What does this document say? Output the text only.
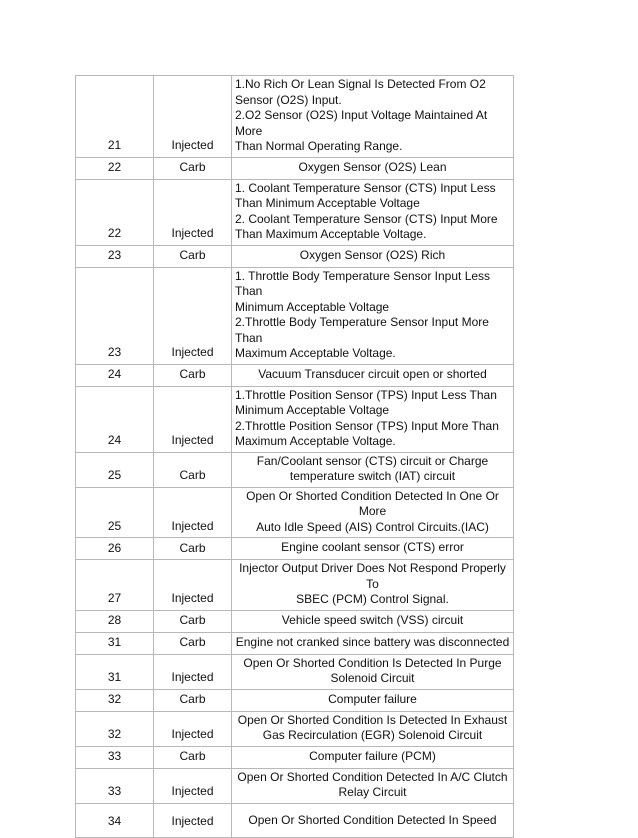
21	Injected	1.No Rich Or Lean Signal Is Detected From O2
Sensor (O2S) Input.
2.O2 Sensor (O2S) Input Voltage Maintained At More
Than Normal Operating Range.

22	Carb	Oxygen Sensor (O2S) Lean

22	Injected	1. Coolant Temperature Sensor (CTS) Input Less
Than Minimum Acceptable Voltage
2. Coolant Temperature Sensor (CTS) Input More
Than Maximum Acceptable Voltage.

23	Carb	Oxygen Sensor (O2S) Rich

23	Injected	1. Throttle Body Temperature Sensor Input Less Than
Minimum Acceptable Voltage
2.Throttle Body Temperature Sensor Input More Than
Maximum Acceptable Voltage.

24	Carb	Vacuum Transducer circuit open or shorted

24	Injected	1.Throttle Position Sensor (TPS) Input Less Than
Minimum Acceptable Voltage
2.Throttle Position Sensor (TPS) Input More Than
Maximum Acceptable Voltage.

25	Carb	Fan/Coolant sensor (CTS) circuit or Charge
temperature switch (IAT) circuit

25	Injected	Open Or Shorted Condition Detected In One Or More
Auto Idle Speed (AIS) Control Circuits.(IAC)

26	Carb	Engine coolant sensor (CTS) error

27	Injected	Injector Output Driver Does Not Respond Properly To
SBEC (PCM) Control Signal.

28	Carb	Vehicle speed switch (VSS) circuit

31	Carb	Engine not cranked since battery was disconnected

31	Injected	Open Or Shorted Condition Is Detected In Purge
Solenoid Circuit

32	Carb	Computer failure

32	Injected	Open Or Shorted Condition Is Detected In Exhaust
Gas Recirculation (EGR) Solenoid Circuit

33	Carb	Computer failure (PCM)

33	Injected	Open Or Shorted Condition Detected In A/C Clutch
Relay Circuit

34	Injected	Open Or Shorted Condition Detected In Speed
